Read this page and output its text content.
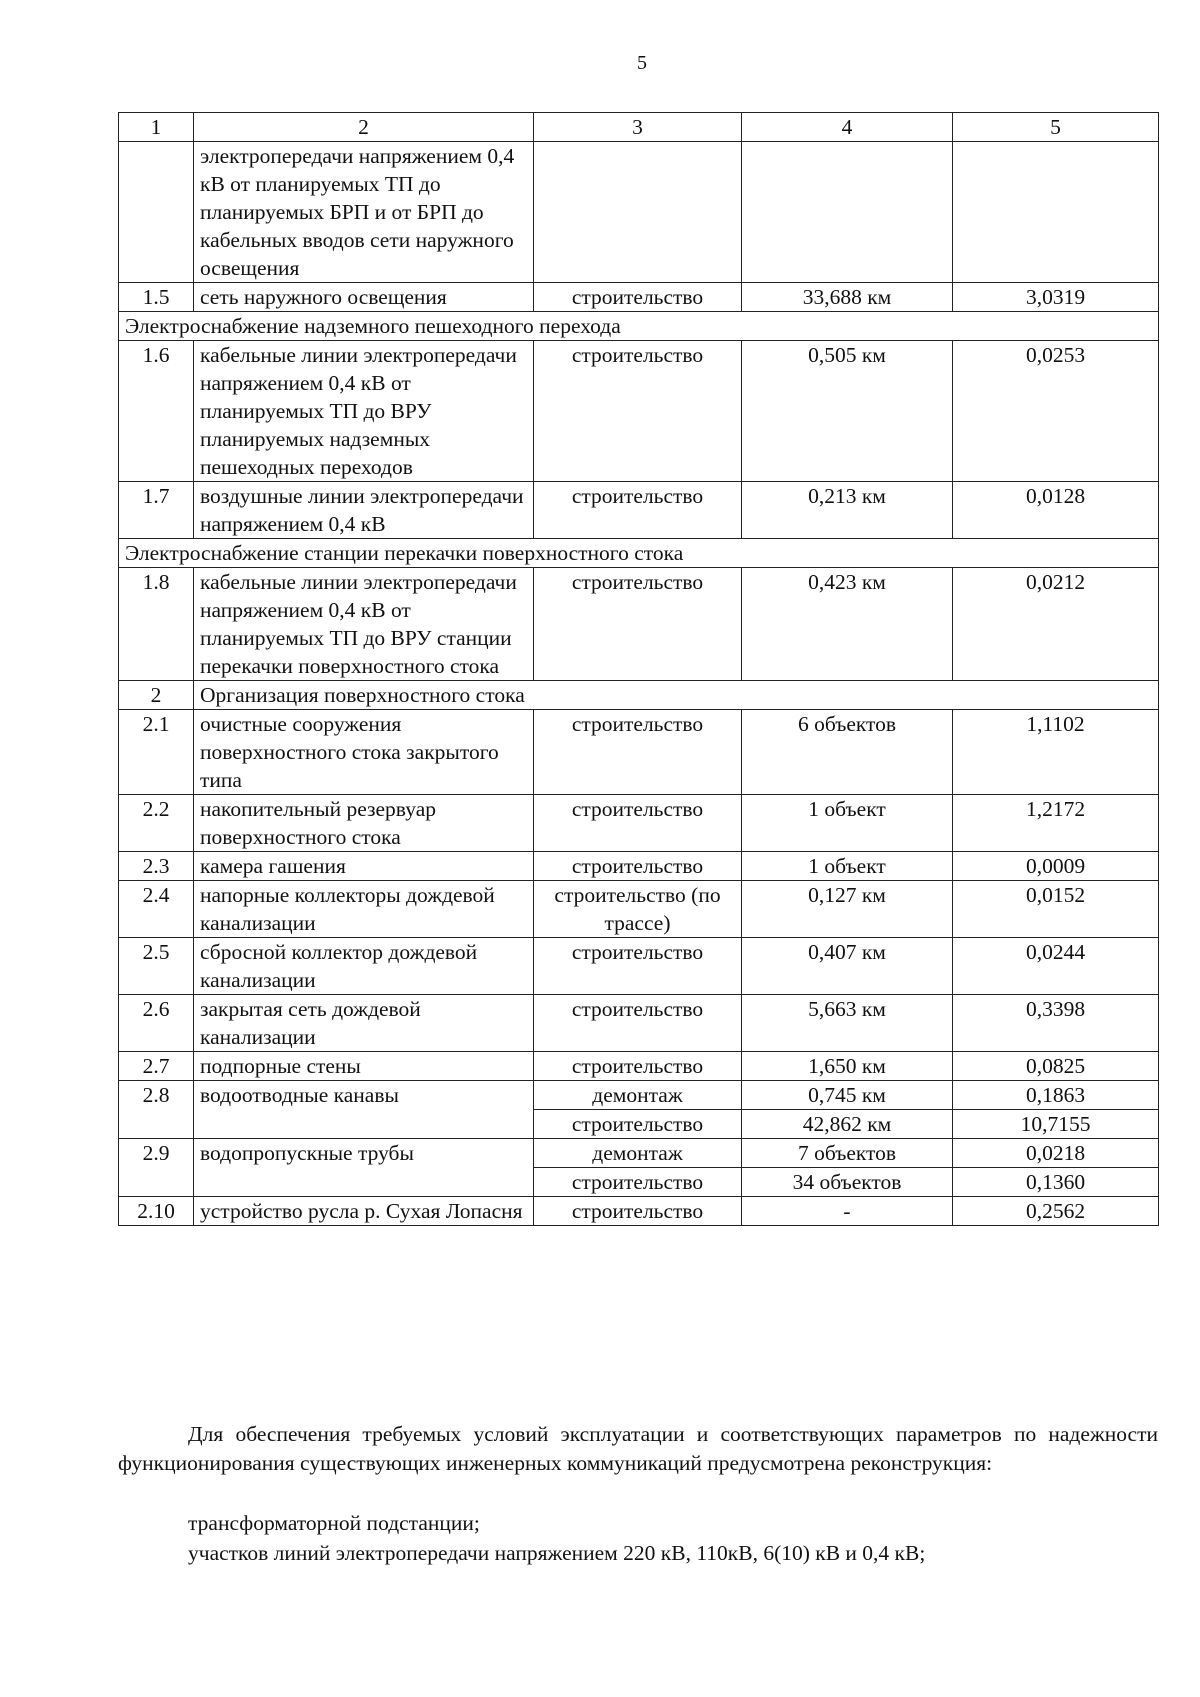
5
1	2	3	4	5
	электропередачи напряжением 0,4 кВ от планируемых ТП до планируемых БРП и от БРП до кабельных вводов сети наружного освещения			
1.5	сеть наружного освещения	строительство	33,688 км	3,0319
Электроснабжение надземного пешеходного перехода				
1.6	кабельные линии электропередачи напряжением 0,4 кВ от планируемых ТП до ВРУ планируемых надземных пешеходных переходов	строительство	0,505 км	0,0253
1.7	воздушные линии электропередачи напряжением 0,4 кВ	строительство	0,213 км	0,0128
Электроснабжение станции перекачки поверхностного стока				
1.8	кабельные линии электропередачи напряжением 0,4 кВ от планируемых ТП до ВРУ станции перекачки поверхностного стока	строительство	0,423 км	0,0212
2	Организация поверхностного стока			
2.1	очистные сооружения поверхностного стока закрытого типа	строительство	6 объектов	1,1102
2.2	накопительный резервуар поверхностного стока	строительство	1 объект	1,2172
2.3	камера гашения	строительство	1 объект	0,0009
2.4	напорные коллекторы дождевой канализации	строительство (по трассе)	0,127 км	0,0152
2.5	сбросной коллектор дождевой канализации	строительство	0,407 км	0,0244
2.6	закрытая сеть дождевой канализации	строительство	5,663 км	0,3398
2.7	подпорные стены	строительство	1,650 км	0,0825
2.8	водоотводные канавы	демонтаж	0,745 км	0,1863
		строительство	42,862 км	10,7155
2.9	водопропускные трубы	демонтаж	7 объектов	0,0218
		строительство	34 объектов	0,1360
2.10	устройство русла р. Сухая Лопасня	строительство	-	0,2562
Для обеспечения требуемых условий эксплуатации и соответствующих параметров по надежности функционирования существующих инженерных коммуникаций предусмотрена реконструкция:
трансформаторной подстанции;
участков линий электропередачи напряжением 220 кВ, 110кВ, 6(10) кВ и 0,4 кВ;
